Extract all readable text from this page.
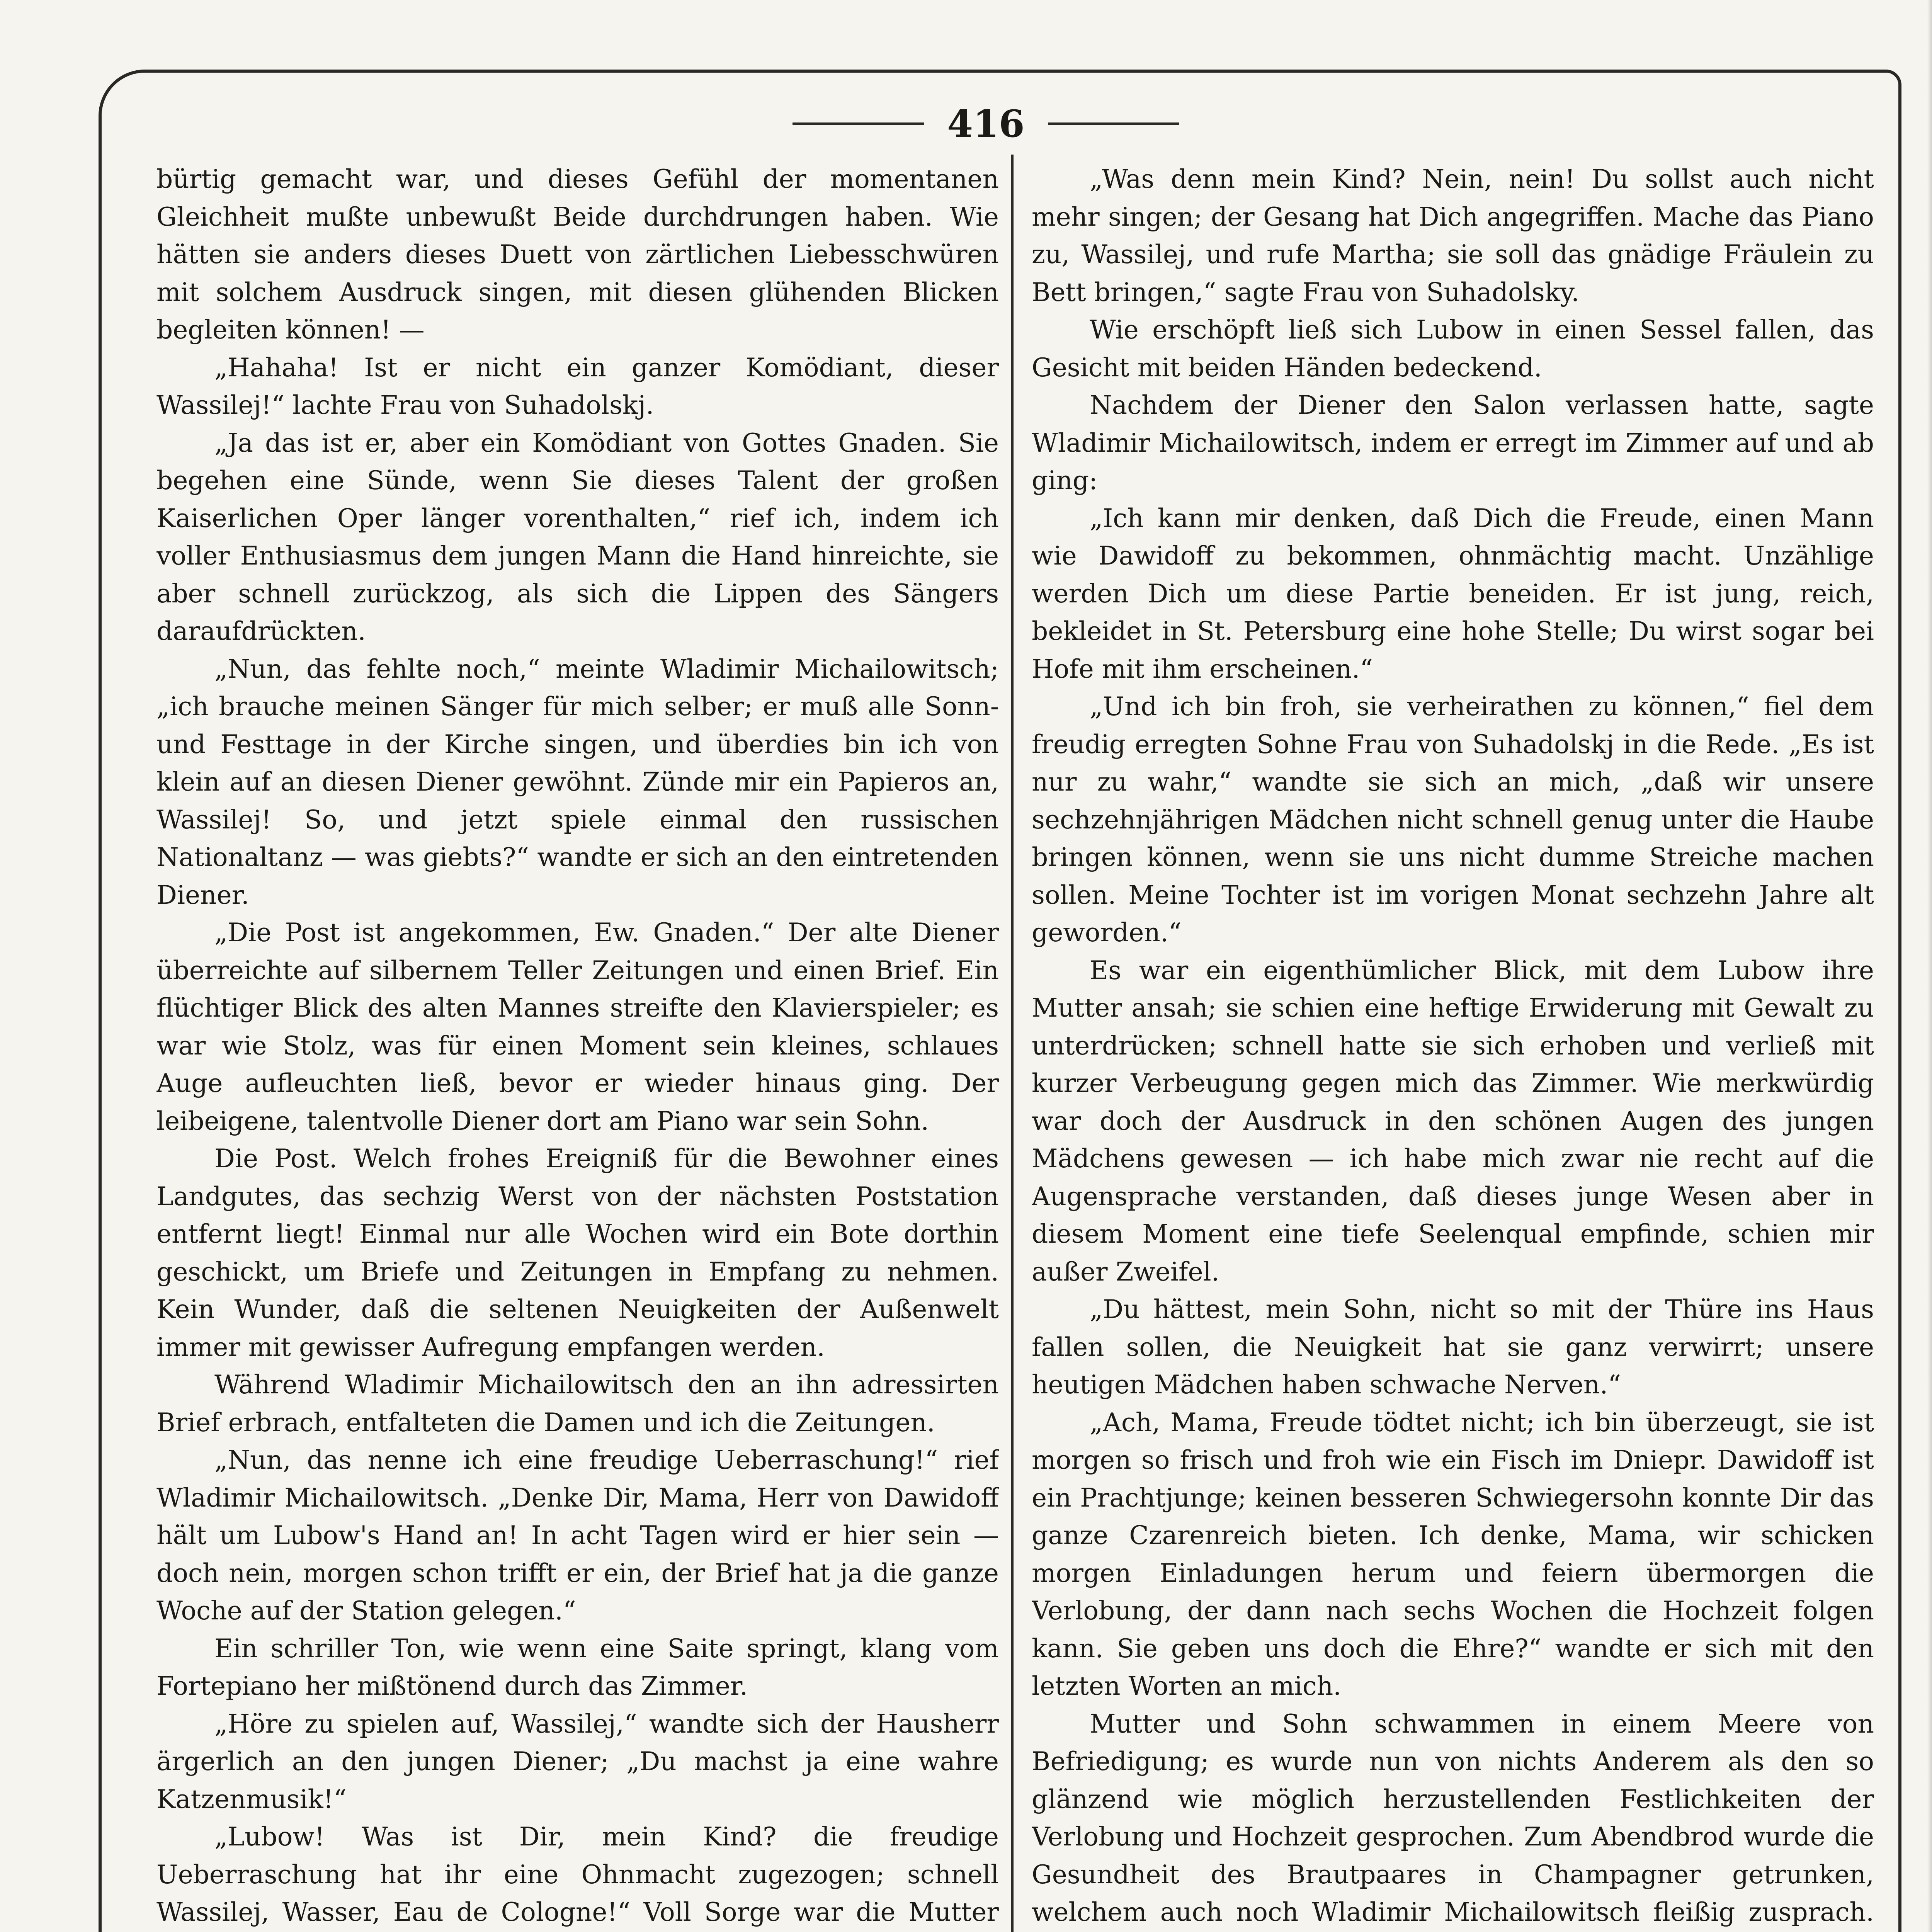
416

bürtig gemacht war, und dieses Gefühl der momentanen Gleichheit mußte unbewußt Beide durchdrungen haben. Wie hätten sie anders dieses Duett von zärtlichen Liebesschwüren mit solchem Ausdruck singen, mit diesen glühenden Blicken begleiten können! —

„Hahaha! Ist er nicht ein ganzer Komödiant, dieser Wassilej!“ lachte Frau von Suhadolskj.

„Ja das ist er, aber ein Komödiant von Gottes Gnaden. Sie begehen eine Sünde, wenn Sie dieses Talent der großen Kaiserlichen Oper länger vorenthalten,“ rief ich, indem ich voller Enthusiasmus dem jungen Mann die Hand hinreichte, sie aber schnell zurückzog, als sich die Lippen des Sängers daraufdrückten.

„Nun, das fehlte noch,“ meinte Wladimir Michailowitsch; „ich brauche meinen Sänger für mich selber; er muß alle Sonn- und Festtage in der Kirche singen, und überdies bin ich von klein auf an diesen Diener gewöhnt. Zünde mir ein Papieros an, Wassilej! So, und jetzt spiele einmal den russischen Nationaltanz — was giebts?“ wandte er sich an den eintretenden Diener.

„Die Post ist angekommen, Ew. Gnaden.“ Der alte Diener überreichte auf silbernem Teller Zeitungen und einen Brief. Ein flüchtiger Blick des alten Mannes streifte den Klavierspieler; es war wie Stolz, was für einen Moment sein kleines, schlaues Auge aufleuchten ließ, bevor er wieder hinaus ging. Der leibeigene, talentvolle Diener dort am Piano war sein Sohn.

Die Post. Welch frohes Ereigniß für die Bewohner eines Landgutes, das sechzig Werst von der nächsten Poststation entfernt liegt! Einmal nur alle Wochen wird ein Bote dorthin geschickt, um Briefe und Zeitungen in Empfang zu nehmen. Kein Wunder, daß die seltenen Neuigkeiten der Außenwelt immer mit gewisser Aufregung empfangen werden.

Während Wladimir Michailowitsch den an ihn adressirten Brief erbrach, entfalteten die Damen und ich die Zeitungen.

„Nun, das nenne ich eine freudige Ueberraschung!“ rief Wladimir Michailowitsch. „Denke Dir, Mama, Herr von Dawidoff hält um Lubow's Hand an! In acht Tagen wird er hier sein — doch nein, morgen schon trifft er ein, der Brief hat ja die ganze Woche auf der Station gelegen.“

Ein schriller Ton, wie wenn eine Saite springt, klang vom Fortepiano her mißtönend durch das Zimmer.

„Höre zu spielen auf, Wassilej,“ wandte sich der Hausherr ärgerlich an den jungen Diener; „Du machst ja eine wahre Katzenmusik!“

„Lubow! Was ist Dir, mein Kind? die freudige Ueberraschung hat ihr eine Ohnmacht zugezogen; schnell Wassilej, Wasser, Eau de Cologne!“ Voll Sorge war die Mutter

„Was denn mein Kind? Nein, nein! Du sollst auch nicht mehr singen; der Gesang hat Dich angegriffen. Mache das Piano zu, Wassilej, und rufe Martha; sie soll das gnädige Fräulein zu Bett bringen,“ sagte Frau von Suhadolsky.

Wie erschöpft ließ sich Lubow in einen Sessel fallen, das Gesicht mit beiden Händen bedeckend.

Nachdem der Diener den Salon verlassen hatte, sagte Wladimir Michailowitsch, indem er erregt im Zimmer auf und ab ging:

„Ich kann mir denken, daß Dich die Freude, einen Mann wie Dawidoff zu bekommen, ohnmächtig macht. Unzählige werden Dich um diese Partie beneiden. Er ist jung, reich, bekleidet in St. Petersburg eine hohe Stelle; Du wirst sogar bei Hofe mit ihm erscheinen.“

„Und ich bin froh, sie verheirathen zu können,“ fiel dem freudig erregten Sohne Frau von Suhadolskj in die Rede. „Es ist nur zu wahr,“ wandte sie sich an mich, „daß wir unsere sechzehnjährigen Mädchen nicht schnell genug unter die Haube bringen können, wenn sie uns nicht dumme Streiche machen sollen. Meine Tochter ist im vorigen Monat sechzehn Jahre alt geworden.“

Es war ein eigenthümlicher Blick, mit dem Lubow ihre Mutter ansah; sie schien eine heftige Erwiderung mit Gewalt zu unterdrücken; schnell hatte sie sich erhoben und verließ mit kurzer Verbeugung gegen mich das Zimmer. Wie merkwürdig war doch der Ausdruck in den schönen Augen des jungen Mädchens gewesen — ich habe mich zwar nie recht auf die Augensprache verstanden, daß dieses junge Wesen aber in diesem Moment eine tiefe Seelenqual empfinde, schien mir außer Zweifel.

„Du hättest, mein Sohn, nicht so mit der Thüre ins Haus fallen sollen, die Neuigkeit hat sie ganz verwirrt; unsere heutigen Mädchen haben schwache Nerven.“

„Ach, Mama, Freude tödtet nicht; ich bin überzeugt, sie ist morgen so frisch und froh wie ein Fisch im Dniepr. Dawidoff ist ein Prachtjunge; keinen besseren Schwiegersohn konnte Dir das ganze Czarenreich bieten. Ich denke, Mama, wir schicken morgen Einladungen herum und feiern übermorgen die Verlobung, der dann nach sechs Wochen die Hochzeit folgen kann. Sie geben uns doch die Ehre?“ wandte er sich mit den letzten Worten an mich.

Mutter und Sohn schwammen in einem Meere von Befriedigung; es wurde nun von nichts Anderem als den so glänzend wie möglich herzustellenden Festlichkeiten der Verlobung und Hochzeit gesprochen. Zum Abendbrod wurde die Gesundheit des Brautpaares in Champagner getrunken, welchem auch noch Wladimir Michailowitsch fleißig zusprach.
